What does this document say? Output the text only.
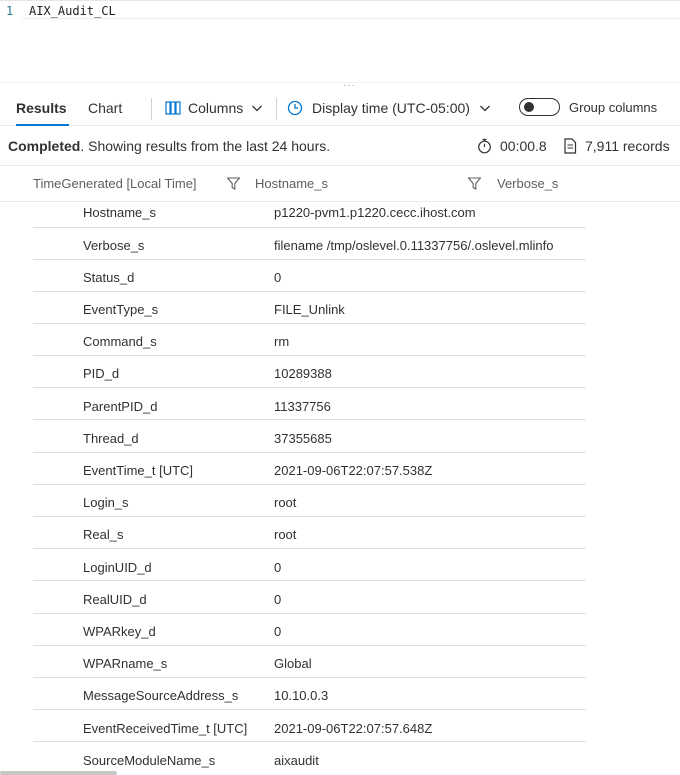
1 AIX_Audit_CL
···
Results Chart	Columns	Display time (UTC-05:00)	Group columns
Completed. Showing results from the last 24 hours.	00:00.8	7,911 records
TimeGenerated [Local Time]	Hostname_s	Verbose_s
Hostname_s	p1220-pvm1.p1220.cecc.ihost.com
Verbose_s	filename /tmp/oslevel.0.11337756/.oslevel.mlinfo
Status_d	0
EventType_s	FILE_Unlink
Command_s	rm
PID_d	10289388
ParentPID_d	11337756
Thread_d	37355685
EventTime_t [UTC]	2021-09-06T22:07:57.538Z
Login_s	root
Real_s	root
LoginUID_d	0
RealUID_d	0
WPARkey_d	0
WPARname_s	Global
MessageSourceAddress_s	10.10.0.3
EventReceivedTime_t [UTC] 2021-09-06T22:07:57.648Z
SourceModuleName_s	aixaudit
